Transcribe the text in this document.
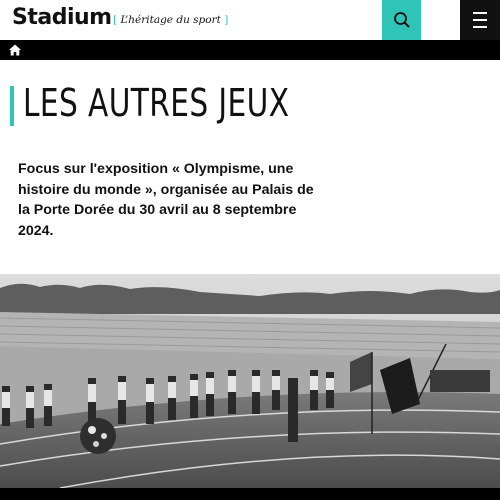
Stadium [ L’héritage du sport ]
LES AUTRES JEUX

Focus sur l'exposition « Olympisme, une histoire du monde », organisée au Palais de la Porte Dorée du 30 avril au 8 septembre 2024.
